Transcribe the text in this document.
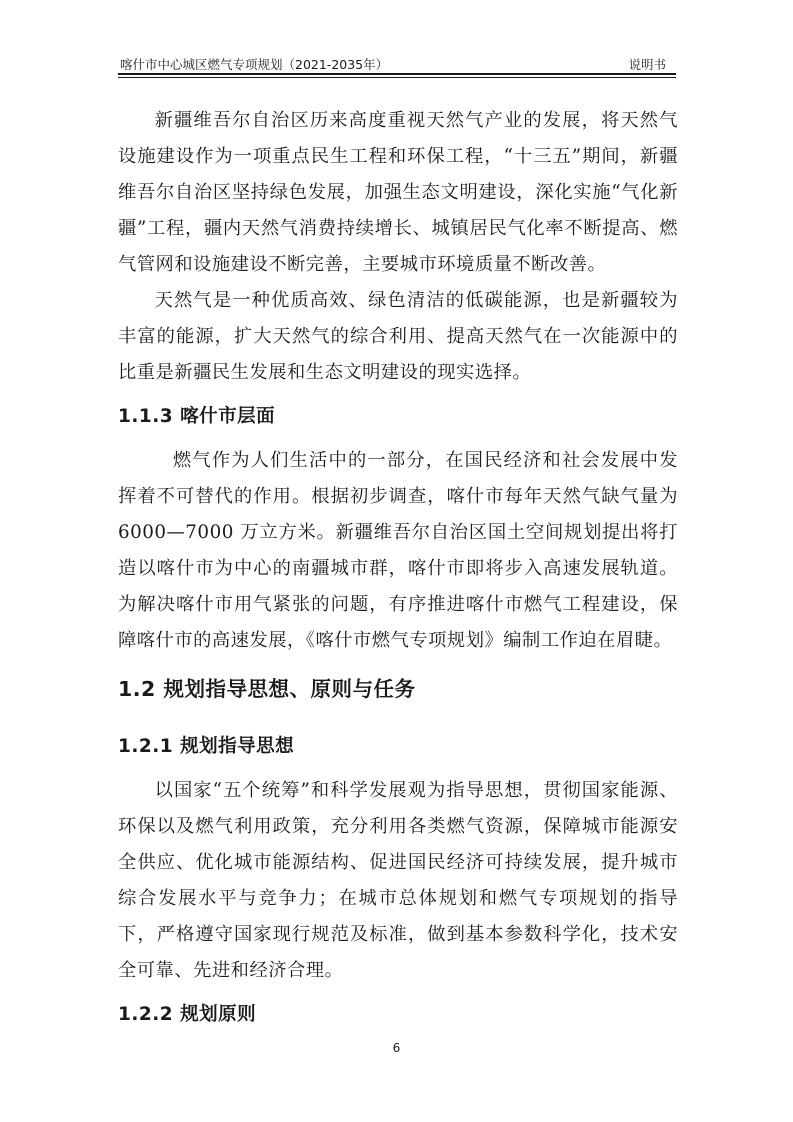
喀什市中心城区燃气专项规划（2021-2035年）	说明书

新疆维吾尔自治区历来高度重视天然气产业的发展，将天然气设施建设作为一项重点民生工程和环保工程，“十三五”期间，新疆维吾尔自治区坚持绿色发展，加强生态文明建设，深化实施“气化新疆”工程，疆内天然气消费持续增长、城镇居民气化率不断提高、燃气管网和设施建设不断完善，主要城市环境质量不断改善。

天然气是一种优质高效、绿色清洁的低碳能源，也是新疆较为丰富的能源，扩大天然气的综合利用、提高天然气在一次能源中的比重是新疆民生发展和生态文明建设的现实选择。

1.1.3 喀什市层面

燃气作为人们生活中的一部分，在国民经济和社会发展中发挥着不可替代的作用。根据初步调查，喀什市每年天然气缺气量为 6000—7000 万立方米。新疆维吾尔自治区国土空间规划提出将打造以喀什市为中心的南疆城市群，喀什市即将步入高速发展轨道。为解决喀什市用气紧张的问题，有序推进喀什市燃气工程建设，保障喀什市的高速发展，《喀什市燃气专项规划》编制工作迫在眉睫。

1.2 规划指导思想、原则与任务
1.2.1 规划指导思想

以国家“五个统筹”和科学发展观为指导思想，贯彻国家能源、环保以及燃气利用政策，充分利用各类燃气资源，保障城市能源安全供应、优化城市能源结构、促进国民经济可持续发展，提升城市综合发展水平与竞争力；在城市总体规划和燃气专项规划的指导下，严格遵守国家现行规范及标准，做到基本参数科学化，技术安全可靠、先进和经济合理。

1.2.2 规划原则
6
